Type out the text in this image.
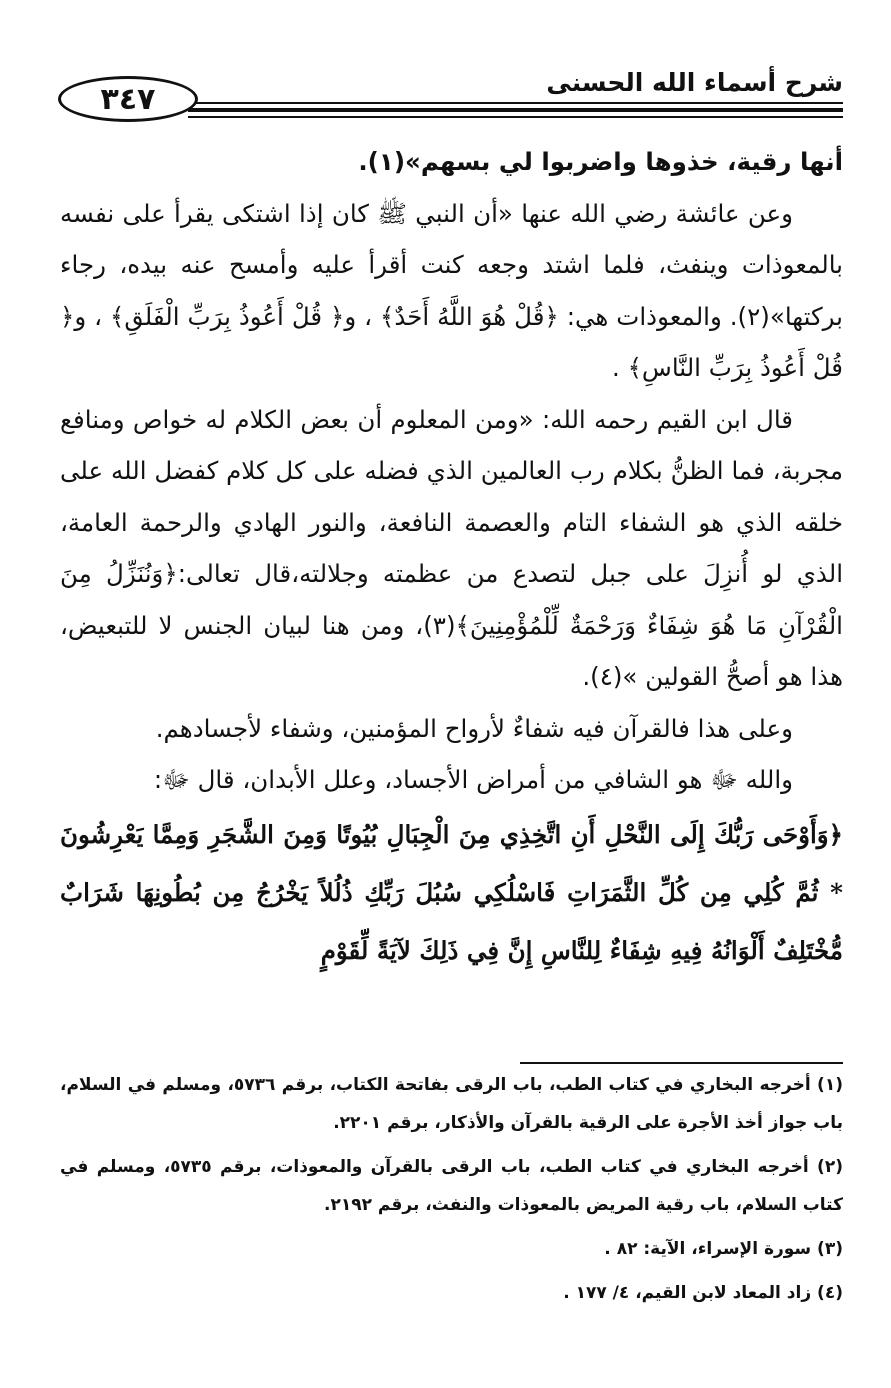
٣٤٧	شرح أسماء الله الحسنى

أنها رقية، خذوها واضربوا لي بسهم»(١).

وعن عائشة رضي الله عنها «أن النبي ﷺ كان إذا اشتكى يقرأ على نفسه بالمعوذات وينفث، فلما اشتد وجعه كنت أقرأ عليه وأمسح عنه بيده، رجاء بركتها»(٢). والمعوذات هي: ﴿قُلْ هُوَ اللَّهُ أَحَدٌ﴾ ، و﴿ قُلْ أَعُوذُ بِرَبِّ الْفَلَقِ﴾ ، و﴿ قُلْ أَعُوذُ بِرَبِّ النَّاسِ﴾ .

قال ابن القيم رحمه الله: «ومن المعلوم أن بعض الكلام له خواص ومنافع مجربة، فما الظنُّ بكلام رب العالمين الذي فضله على كل كلام كفضل الله على خلقه الذي هو الشفاء التام والعصمة النافعة، والنور الهادي والرحمة العامة، الذي لو أُنزِلَ على جبل لتصدع من عظمته وجلالته،قال تعالى:﴿وَنُنَزِّلُ مِنَ الْقُرْآنِ مَا هُوَ شِفَاءٌ وَرَحْمَةٌ لِّلْمُؤْمِنِينَ﴾(٣)، ومن هنا لبيان الجنس لا للتبعيض، هذا هو أصحُّ القولين »(٤).

وعلى هذا فالقرآن فيه شفاءٌ لأرواح المؤمنين، وشفاء لأجسادهم.

والله ﷻ هو الشافي من أمراض الأجساد، وعلل الأبدان، قال ﷻ:

﴿وَأَوْحَى رَبُّكَ إِلَى النَّحْلِ أَنِ اتَّخِذِي مِنَ الْجِبَالِ بُيُوتًا وَمِنَ الشَّجَرِ وَمِمَّا يَعْرِشُونَ * ثُمَّ كُلِي مِن كُلِّ الثَّمَرَاتِ فَاسْلُكِي سُبُلَ رَبِّكِ ذُلُلاً يَخْرُجُ مِن بُطُونِهَا شَرَابٌ مُّخْتَلِفٌ أَلْوَانُهُ فِيهِ شِفَاءٌ لِلنَّاسِ إِنَّ فِي ذَلِكَ لآيَةً لِّقَوْمٍ

(١) أخرجه البخاري في كتاب الطب، باب الرقى بفاتحة الكتاب، برقم ٥٧٣٦، ومسلم في السلام، باب جواز أخذ الأجرة على الرقية بالقرآن والأذكار، برقم ٢٢٠١.

(٢) أخرجه البخاري في كتاب الطب، باب الرقى بالقرآن والمعوذات، برقم ٥٧٣٥، ومسلم في كتاب السلام، باب رقية المريض بالمعوذات والنفث، برقم ٢١٩٢.

(٣) سورة الإسراء، الآية: ٨٢ .

(٤) زاد المعاد لابن القيم، ٤/ ١٧٧ .
